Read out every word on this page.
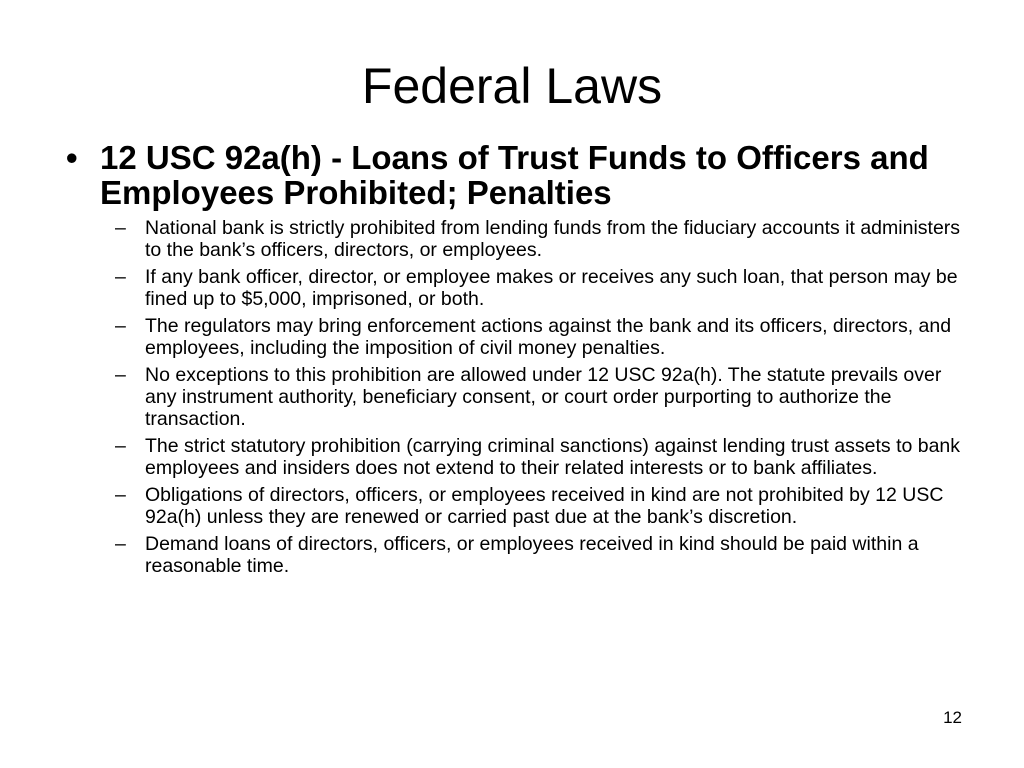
Federal Laws
• 12 USC 92a(h) - Loans of Trust Funds to Officers and Employees Prohibited; Penalties
– National bank is strictly prohibited from lending funds from the fiduciary accounts it administers to the bank’s officers, directors, or employees.
– If any bank officer, director, or employee makes or receives any such loan, that person may be fined up to $5,000, imprisoned, or both.
– The regulators may bring enforcement actions against the bank and its officers, directors, and employees, including the imposition of civil money penalties.
– No exceptions to this prohibition are allowed under 12 USC 92a(h). The statute prevails over any instrument authority, beneficiary consent, or court order purporting to authorize the transaction.
– The strict statutory prohibition (carrying criminal sanctions) against lending trust assets to bank employees and insiders does not extend to their related interests or to bank affiliates.
– Obligations of directors, officers, or employees received in kind are not prohibited by 12 USC 92a(h) unless they are renewed or carried past due at the bank’s discretion.
– Demand loans of directors, officers, or employees received in kind should be paid within a reasonable time.
12
